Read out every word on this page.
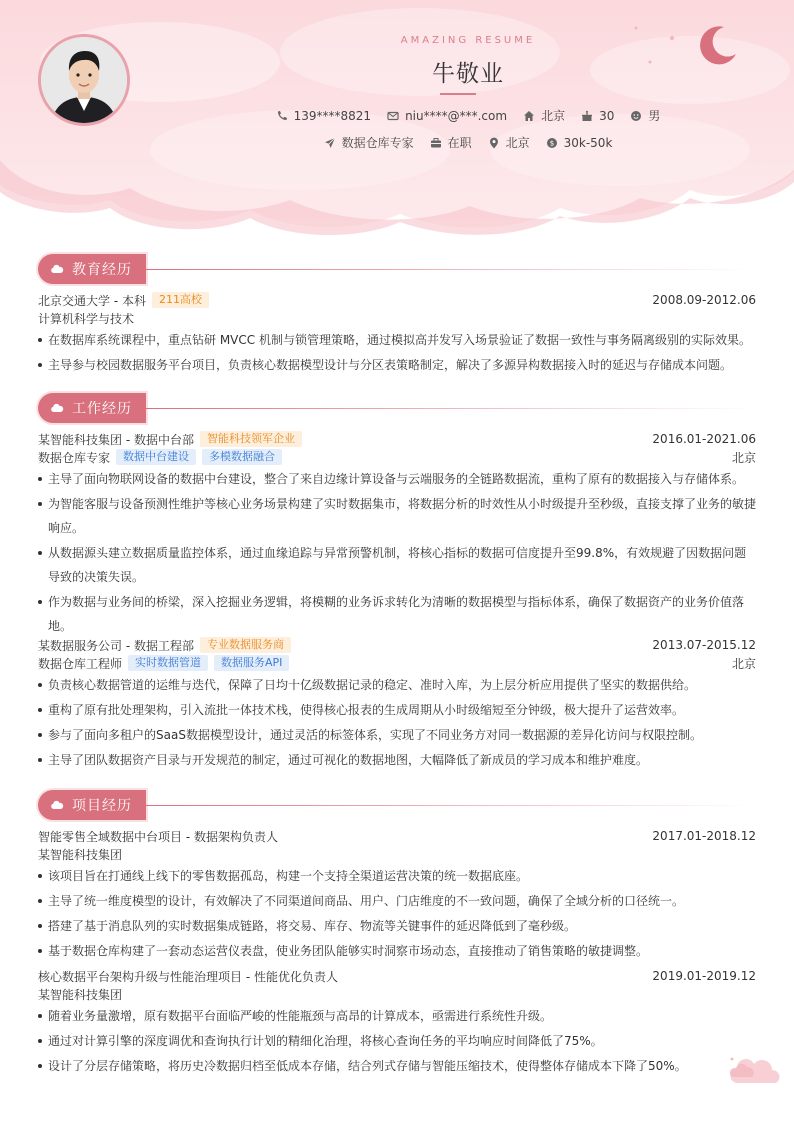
AMAZING RESUME
牛敬业
139****8821	niu****@***.com	北京	30	男
数据仓库专家	在职	北京	$ 30k-50k
教育经历
北京交通大学 - 本科	211高校	2008.09-2012.06
计算机科学与技术
在数据库系统课程中，重点钻研 MVCC 机制与锁管理策略，通过模拟高并发写入场景验证了数据一致性与事务隔离级别的实际效果。
主导参与校园数据服务平台项目，负责核心数据模型设计与分区表策略制定，解决了多源异构数据接入时的延迟与存储成本问题。
工作经历
某智能科技集团 - 数据中台部	智能科技领军企业	2016.01-2021.06
数据仓库专家	数据中台建设	多模数据融合	北京
主导了面向物联网设备的数据中台建设，整合了来自边缘计算设备与云端服务的全链路数据流，重构了原有的数据接入与存储体系。
为智能客服与设备预测性维护等核心业务场景构建了实时数据集市，将数据分析的时效性从小时级提升至秒级，直接支撑了业务的敏捷响应。
从数据源头建立数据质量监控体系，通过血缘追踪与异常预警机制，将核心指标的数据可信度提升至99.8%，有效规避了因数据问题导致的决策失误。
作为数据与业务间的桥梁，深入挖掘业务逻辑，将模糊的业务诉求转化为清晰的数据模型与指标体系，确保了数据资产的业务价值落地。
某数据服务公司 - 数据工程部	专业数据服务商	2013.07-2015.12
数据仓库工程师	实时数据管道	数据服务API	北京
负责核心数据管道的运维与迭代，保障了日均十亿级数据记录的稳定、准时入库，为上层分析应用提供了坚实的数据供给。
重构了原有批处理架构，引入流批一体技术栈，使得核心报表的生成周期从小时级缩短至分钟级，极大提升了运营效率。
参与了面向多租户的SaaS数据模型设计，通过灵活的标签体系，实现了不同业务方对同一数据源的差异化访问与权限控制。
主导了团队数据资产目录与开发规范的制定，通过可视化的数据地图，大幅降低了新成员的学习成本和维护难度。
项目经历
智能零售全域数据中台项目 - 数据架构负责人	2017.01-2018.12
某智能科技集团
该项目旨在打通线上线下的零售数据孤岛，构建一个支持全渠道运营决策的统一数据底座。
主导了统一维度模型的设计，有效解决了不同渠道间商品、用户、门店维度的不一致问题，确保了全域分析的口径统一。
搭建了基于消息队列的实时数据集成链路，将交易、库存、物流等关键事件的延迟降低到了毫秒级。
基于数据仓库构建了一套动态运营仪表盘，使业务团队能够实时洞察市场动态，直接推动了销售策略的敏捷调整。
核心数据平台架构升级与性能治理项目 - 性能优化负责人	2019.01-2019.12
某智能科技集团
随着业务量激增，原有数据平台面临严峻的性能瓶颈与高昂的计算成本，亟需进行系统性升级。
通过对计算引擎的深度调优和查询执行计划的精细化治理，将核心查询任务的平均响应时间降低了75%。
设计了分层存储策略，将历史冷数据归档至低成本存储，结合列式存储与智能压缩技术，使得整体存储成本下降了50%。
